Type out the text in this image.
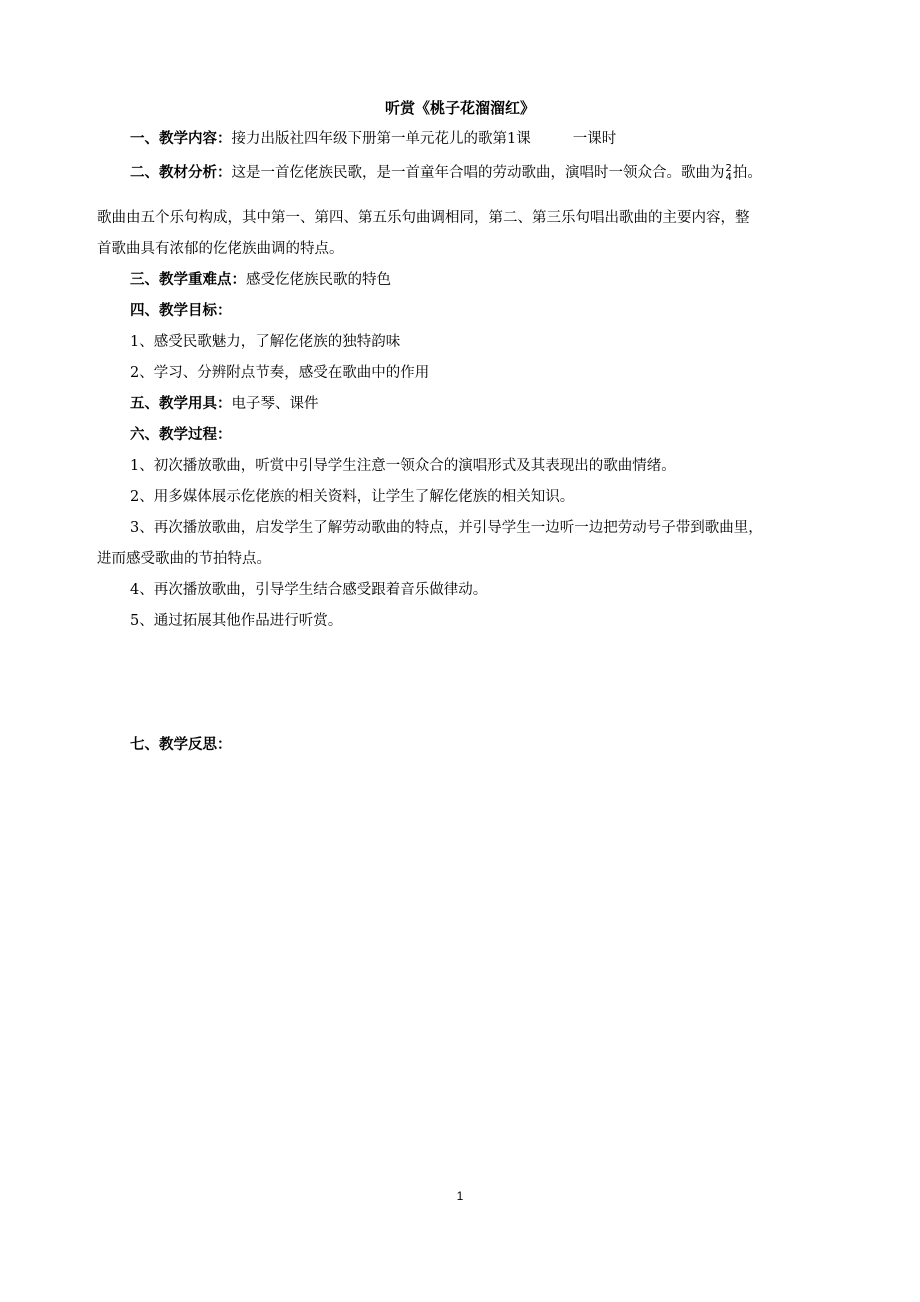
听赏《桃子花溜溜红》
一、教学内容：接力出版社四年级下册第一单元花儿的歌第1课	一课时
二、教材分析：这是一首仡佬族民歌，是一首童年合唱的劳动歌曲，演唱时一领众合。歌曲为 2
4 拍。
歌曲由五个乐句构成，其中第一、第四、第五乐句曲调相同，第二、第三乐句唱出歌曲的主要内容，整
首歌曲具有浓郁的仡佬族曲调的特点。
三、教学重难点：感受仡佬族民歌的特色
四、教学目标：
1、感受民歌魅力，了解仡佬族的独特韵味
2、学习、分辨附点节奏，感受在歌曲中的作用
五、教学用具：电子琴、课件
六、教学过程：
1、初次播放歌曲，听赏中引导学生注意一领众合的演唱形式及其表现出的歌曲情绪。
2、用多媒体展示仡佬族的相关资料，让学生了解仡佬族的相关知识。
3、再次播放歌曲，启发学生了解劳动歌曲的特点，并引导学生一边听一边把劳动号子带到歌曲里，
进而感受歌曲的节拍特点。
4、再次播放歌曲，引导学生结合感受跟着音乐做律动。
5、通过拓展其他作品进行听赏。
七、教学反思：
1
